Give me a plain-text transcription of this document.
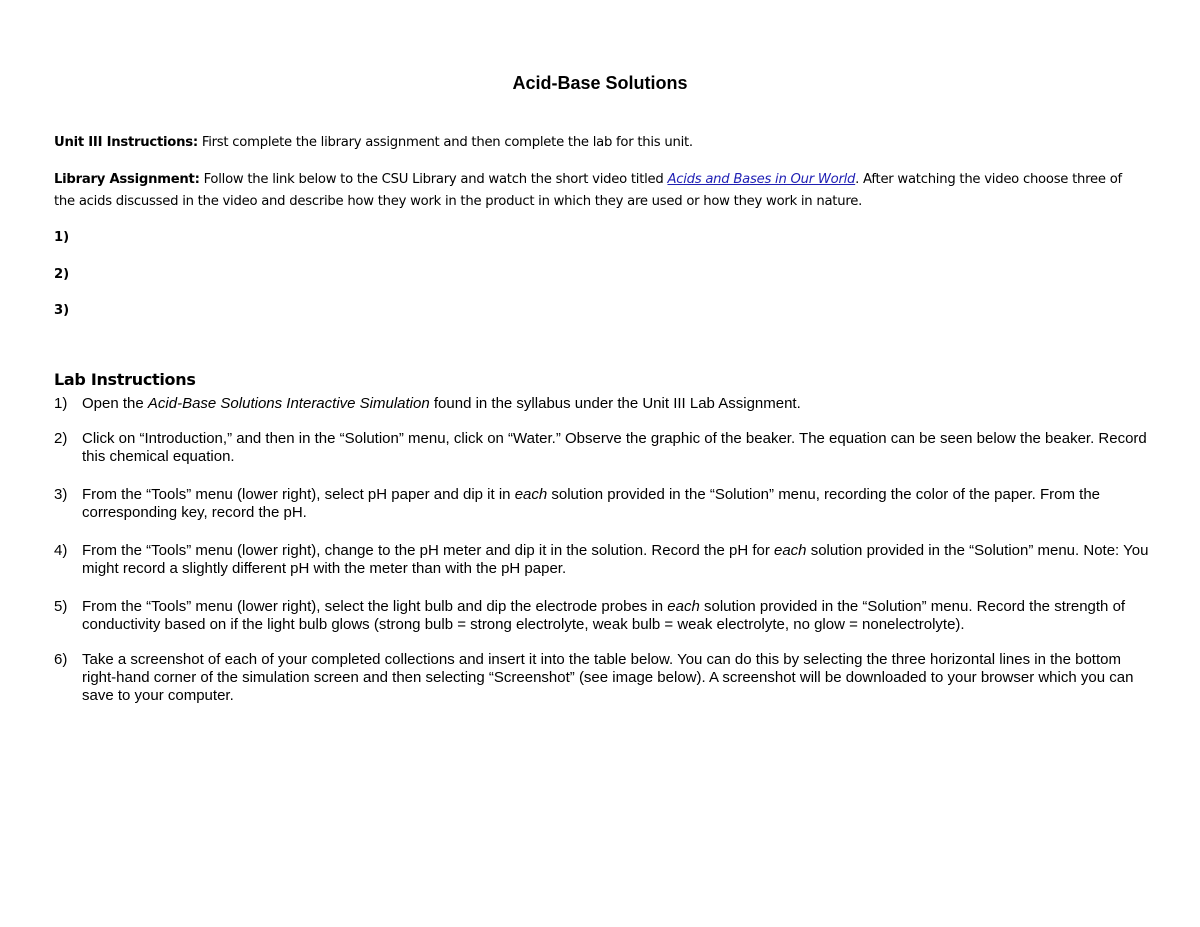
Acid-Base Solutions
Unit III Instructions: First complete the library assignment and then complete the lab for this unit.
Library Assignment: Follow the link below to the CSU Library and watch the short video titled Acids and Bases in Our World. After watching the video choose three of the acids discussed in the video and describe how they work in the product in which they are used or how they work in nature.
1)
2)
3)
Lab Instructions
1) Open the Acid-Base Solutions Interactive Simulation found in the syllabus under the Unit III Lab Assignment.
2) Click on “Introduction,” and then in the “Solution” menu, click on “Water.” Observe the graphic of the beaker. The equation can be seen below the beaker. Record this chemical equation.
3) From the “Tools” menu (lower right), select pH paper and dip it in each solution provided in the “Solution” menu, recording the color of the paper. From the corresponding key, record the pH.
4) From the “Tools” menu (lower right), change to the pH meter and dip it in the solution. Record the pH for each solution provided in the “Solution” menu. Note: You might record a slightly different pH with the meter than with the pH paper.
5) From the “Tools” menu (lower right), select the light bulb and dip the electrode probes in each solution provided in the “Solution” menu. Record the strength of conductivity based on if the light bulb glows (strong bulb = strong electrolyte, weak bulb = weak electrolyte, no glow = nonelectrolyte).
6) Take a screenshot of each of your completed collections and insert it into the table below. You can do this by selecting the three horizontal lines in the bottom right-hand corner of the simulation screen and then selecting “Screenshot” (see image below). A screenshot will be downloaded to your browser which you can save to your computer.
